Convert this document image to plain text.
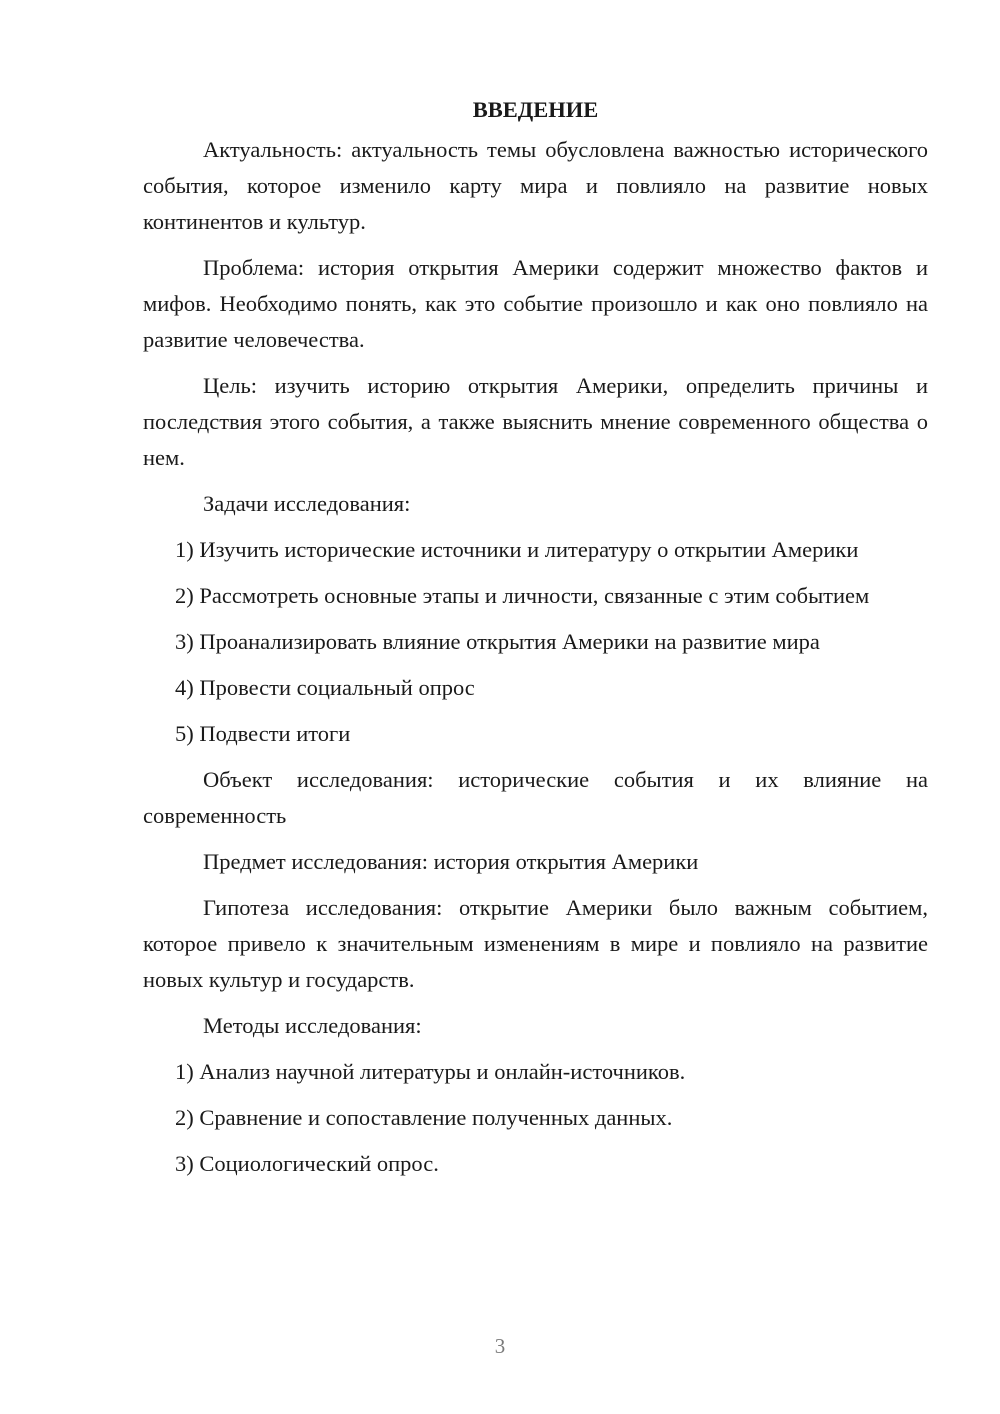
ВВЕДЕНИЕ

Актуальность: актуальность темы обусловлена важностью исторического события, которое изменило карту мира и повлияло на развитие новых континентов и культур.

Проблема: история открытия Америки содержит множество фактов и мифов. Необходимо понять, как это событие произошло и как оно повлияло на развитие человечества.

Цель: изучить историю открытия Америки, определить причины и последствия этого события, а также выяснить мнение современного общества о нем.

Задачи исследования:

1) Изучить исторические источники и литературу о открытии Америки

2) Рассмотреть основные этапы и личности, связанные с этим событием

3) Проанализировать влияние открытия Америки на развитие мира

4) Провести социальный опрос

5) Подвести итоги

Объект исследования: исторические события и их влияние на современность

Предмет исследования: история открытия Америки

Гипотеза исследования: открытие Америки было важным событием, которое привело к значительным изменениям в мире и повлияло на развитие новых культур и государств.

Методы исследования:

1) Анализ научной литературы и онлайн-источников.

2) Сравнение и сопоставление полученных данных.

3) Социологический опрос.

3
